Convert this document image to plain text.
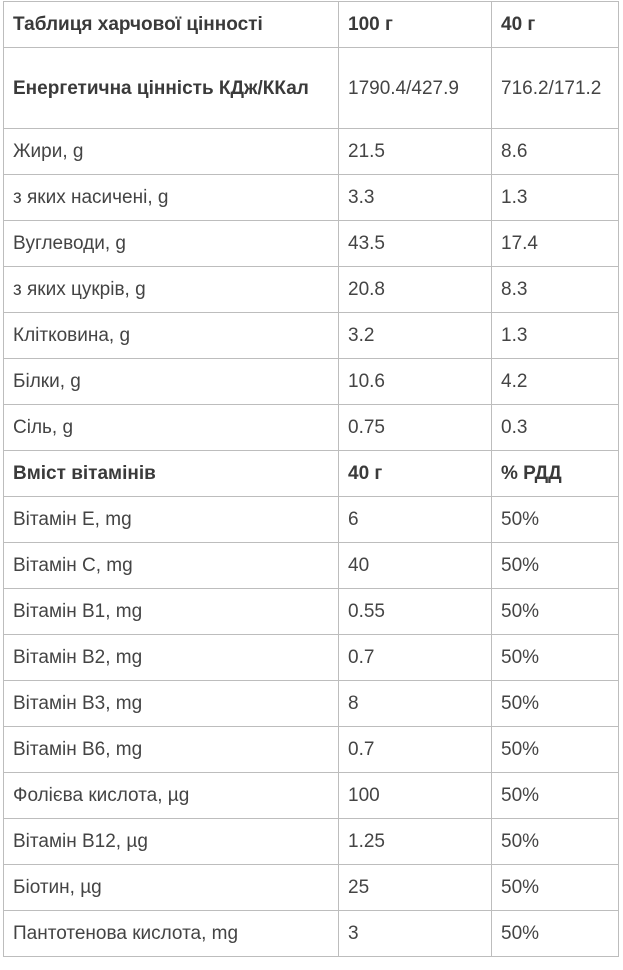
Таблиця харчової цінності	100 г	40 г
Енергетична цінність КДж/ККал	1790.4/427.9	716.2/171.2
Жири, g	21.5	8.6
з яких насичені, g	3.3	1.3
Вуглеводи, g	43.5	17.4
з яких цукрів, g	20.8	8.3
Клітковина, g	3.2	1.3
Білки, g	10.6	4.2
Сіль, g	0.75	0.3
Вміст вітамінів	40 г	% РДД
Вітамін E, mg	6	50%
Вітамін C, mg	40	50%
Вітамін B1, mg	0.55	50%
Вітамін B2, mg	0.7	50%
Вітамін B3, mg	8	50%
Вітамін B6, mg	0.7	50%
Фолієва кислота, µg	100	50%
Вітамін B12, µg	1.25	50%
Біотин, µg	25	50%
Пантотенова кислота, mg	3	50%
